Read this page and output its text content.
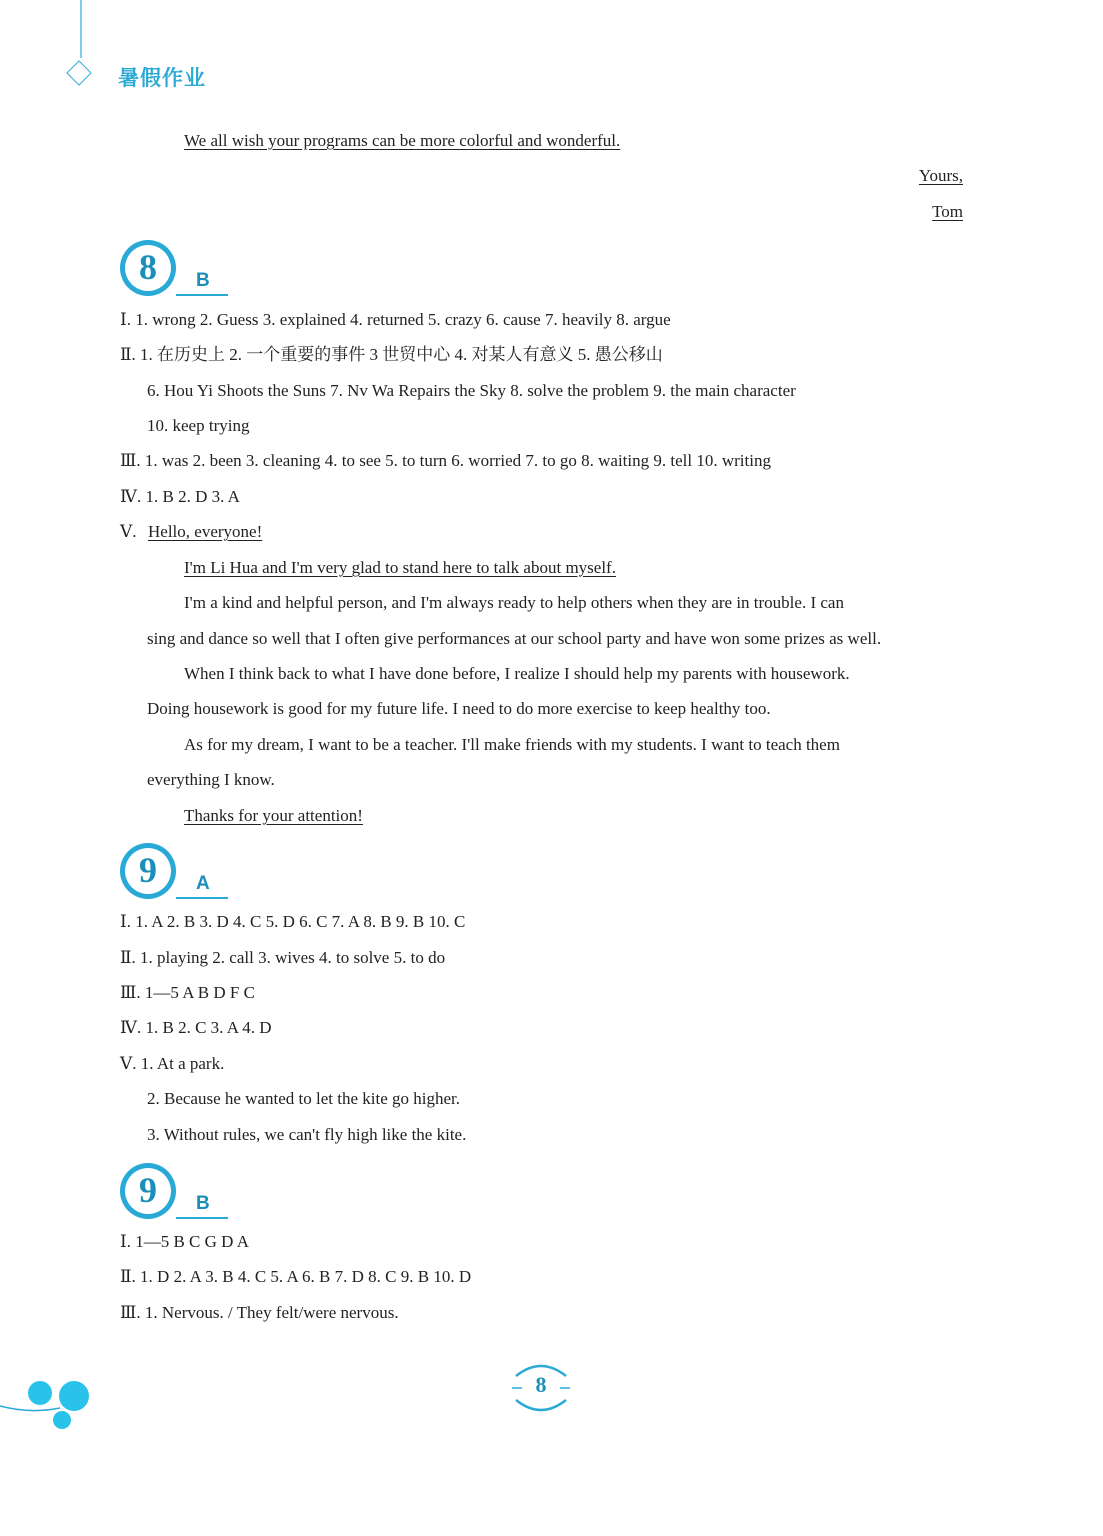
暑假作业
We all wish your programs can be more colorful and wonderful.
Yours,
Tom
8	B
Ⅰ. 1. wrong 2. Guess 3. explained 4. returned 5. crazy 6. cause 7. heavily 8. argue
Ⅱ. 1. 在历史上 2. 一个重要的事件 3 世贸中心 4. 对某人有意义 5. 愚公移山
6. Hou Yi Shoots the Suns 7. Nv Wa Repairs the Sky 8. solve the problem 9. the main character
10. keep trying
Ⅲ. 1. was 2. been 3. cleaning 4. to see 5. to turn 6. worried 7. to go 8. waiting 9. tell 10. writing
Ⅳ. 1. B 2. D 3. A
Ⅴ. Hello, everyone!
I'm Li Hua and I'm very glad to stand here to talk about myself.
I'm a kind and helpful person, and I'm always ready to help others when they are in trouble. I can
sing and dance so well that I often give performances at our school party and have won some prizes as well.
When I think back to what I have done before, I realize I should help my parents with housework.
Doing housework is good for my future life. I need to do more exercise to keep healthy too.
As for my dream, I want to be a teacher. I'll make friends with my students. I want to teach them
everything I know.
Thanks for your attention!
9	A
Ⅰ. 1. A 2. B 3. D 4. C 5. D 6. C 7. A 8. B 9. B 10. C
Ⅱ. 1. playing 2. call 3. wives 4. to solve 5. to do
Ⅲ. 1—5 A B D F C
Ⅳ. 1. B 2. C 3. A 4. D
Ⅴ. 1. At a park.
2. Because he wanted to let the kite go higher.
3. Without rules, we can't fly high like the kite.
9	B
Ⅰ. 1—5 B C G D A
Ⅱ. 1. D 2. A 3. B 4. C 5. A 6. B 7. D 8. C 9. B 10. D
Ⅲ. 1. Nervous. / They felt/were nervous.
8
